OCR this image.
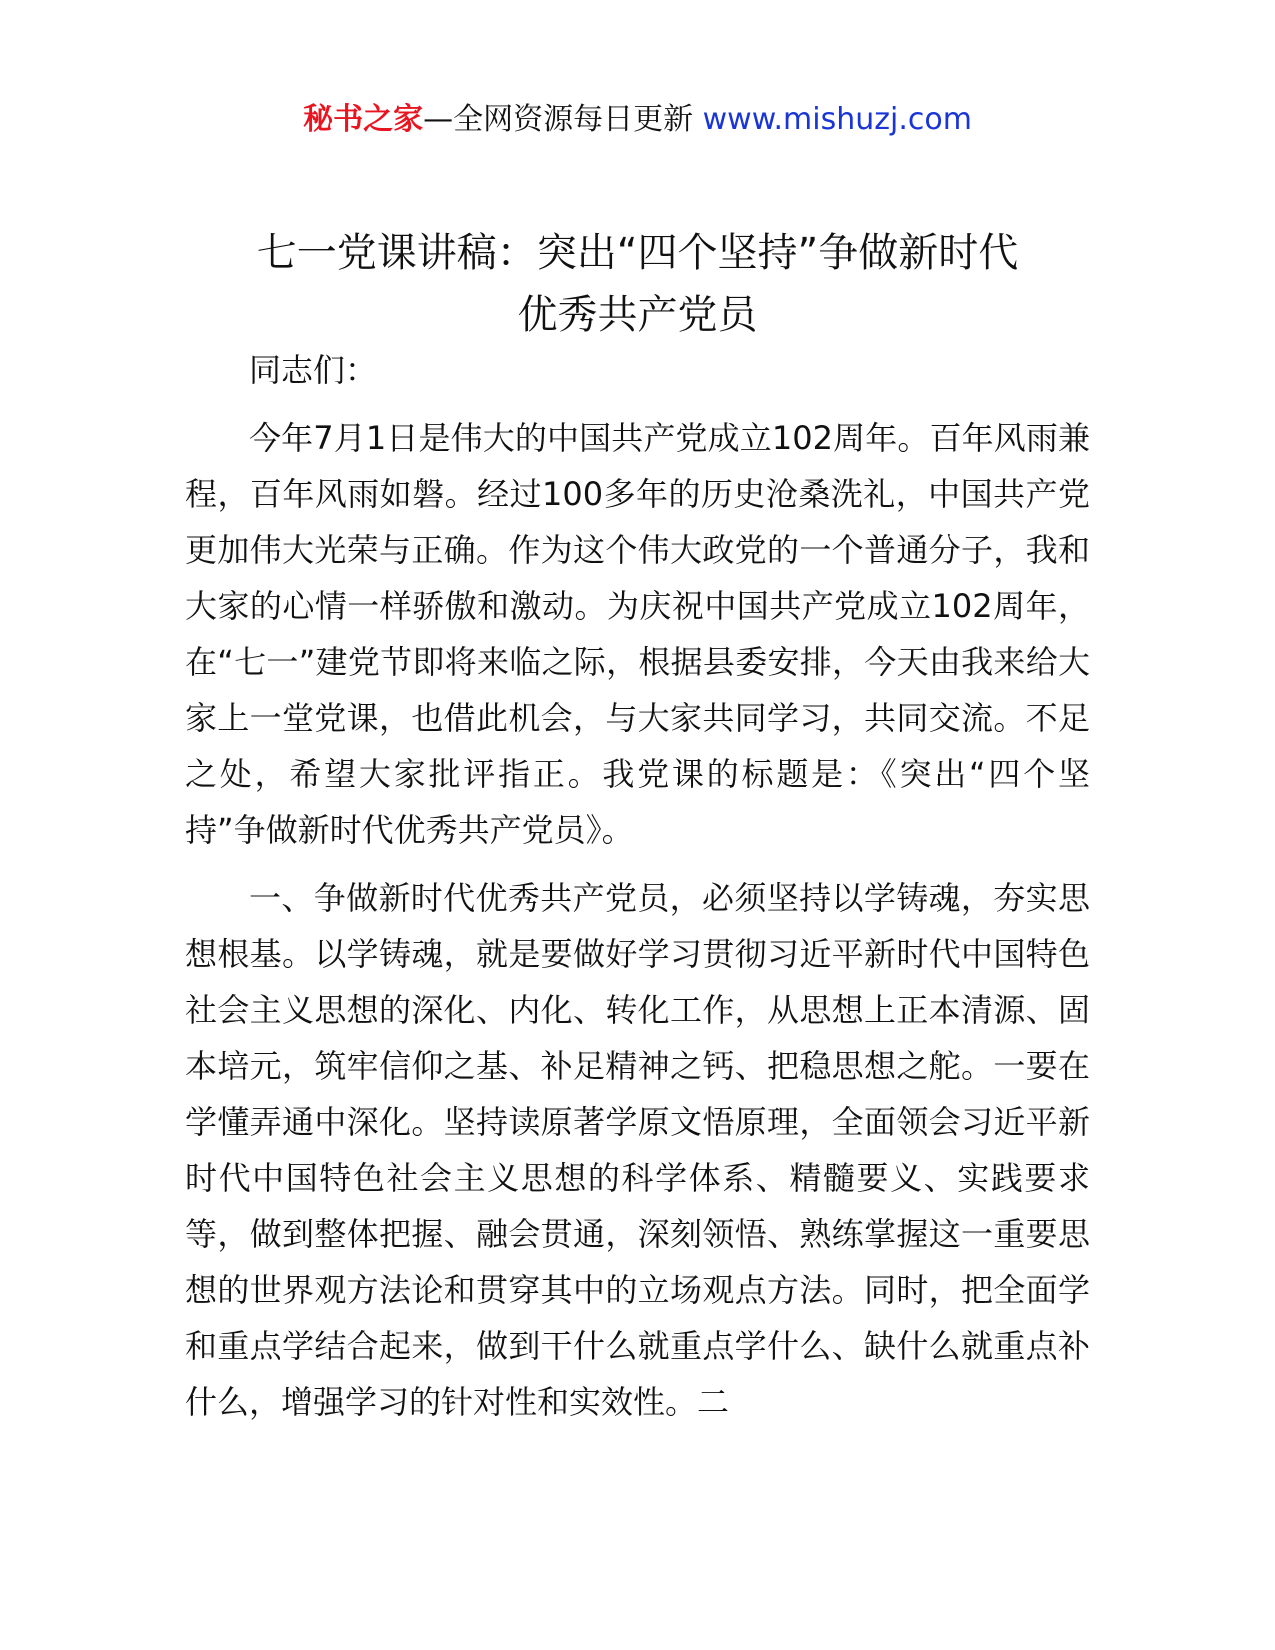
秘书之家—全网资源每日更新 www.mishuzj.com
七一党课讲稿：突出“四个坚持”争做新时代
优秀共产党员

同志们：

今年7月1日是伟大的中国共产党成立102周年。百年风雨兼程，百年风雨如磐。经过100多年的历史沧桑洗礼，中国共产党更加伟大光荣与正确。作为这个伟大政党的一个普通分子，我和大家的心情一样骄傲和激动。为庆祝中国共产党成立102周年，在“七一”建党节即将来临之际，根据县委安排，今天由我来给大家上一堂党课，也借此机会，与大家共同学习，共同交流。不足之处，希望大家批评指正。我党课的标题是：《突出“四个坚持”争做新时代优秀共产党员》。

一、争做新时代优秀共产党员，必须坚持以学铸魂，夯实思想根基。以学铸魂，就是要做好学习贯彻习近平新时代中国特色社会主义思想的深化、内化、转化工作，从思想上正本清源、固本培元，筑牢信仰之基、补足精神之钙、把稳思想之舵。一要在学懂弄通中深化。坚持读原著学原文悟原理，全面领会习近平新时代中国特色社会主义思想的科学体系、精髓要义、实践要求等，做到整体把握、融会贯通，深刻领悟、熟练掌握这一重要思想的世界观方法论和贯穿其中的立场观点方法。同时，把全面学和重点学结合起来，做到干什么就重点学什么、缺什么就重点补什么，增强学习的针对性和实效性。二
